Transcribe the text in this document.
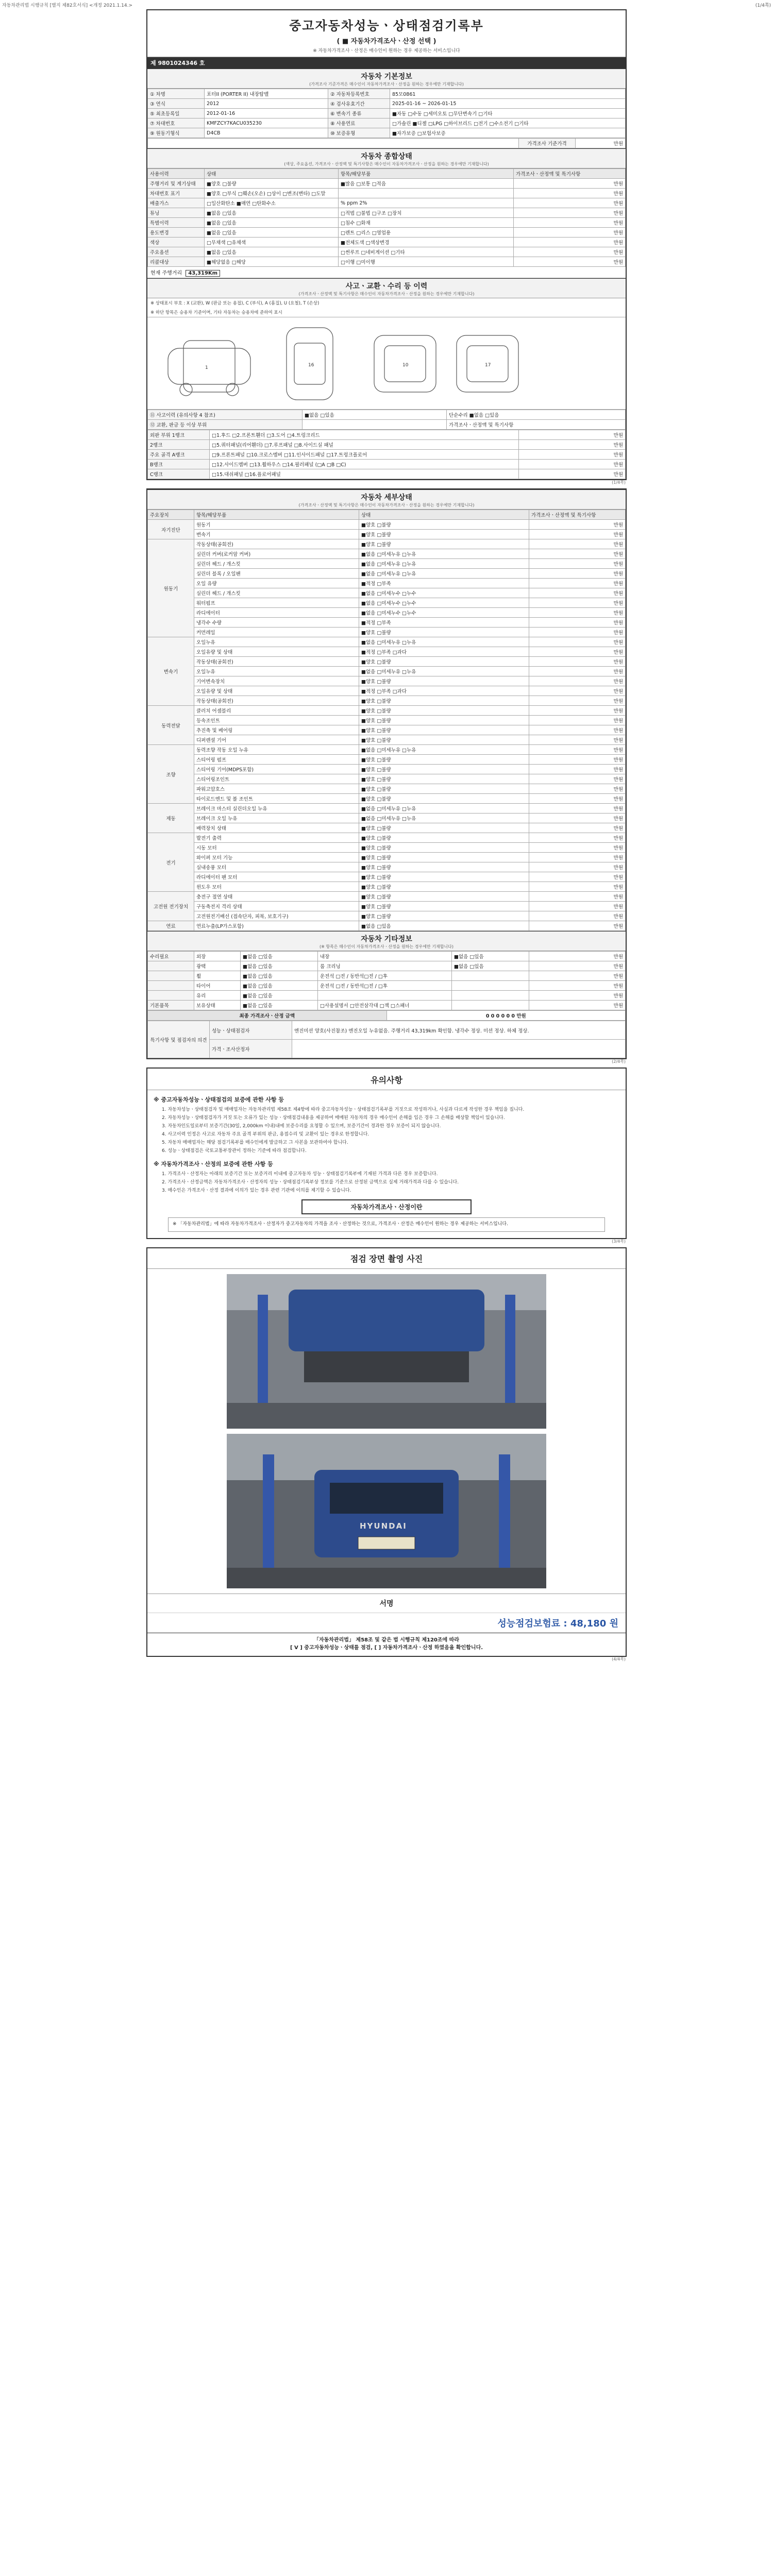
자동차관리법 시행규칙 [별지 제82호서식] <개정 2021.1.14.>	(1/4쪽)
중고자동차성능ㆍ상태점검기록부
( ■ 자동차가격조사ㆍ산정 선택 )
※ 자동차가격조사ㆍ산정은 매수인이 원하는 경우 제공하는 서비스입니다
제 9801024346 호
자동차 기본정보
(가격조사 기준가격은 매수인이 자동차가격조사ㆍ산정을 원하는 경우에만 기재합니다)
① 차명	포터II (PORTER II) 내장탑밸	② 자동차등록번호	85모0861
③ 연식	2012	④ 검사유효기간	2025-01-16 ~ 2026-01-15
⑤ 최초등록일	2012-01-16	⑥ 변속기 종류	■자동 □수동 □세미오토 □무단변속기 □기타
⑦ 차대번호	KMFZCY7KACU035230	⑧ 사용연료	□가솔린 ■디젤 □LPG □하이브리드 □전기 □수소전기 □기타
⑨ 원동기형식	D4CB	⑩ 보증유형	■자가보증 □보험사보증
	가격조사 기준가격	만원
자동차 종합상태
(색상, 주요옵션, 가격조사ㆍ산정액 및 특기사항은 매수인이 자동차가격조사ㆍ산정을 원하는 경우에만 기재합니다)
사용이력	상태	항목/해당부품	가격조사ㆍ산정액 및 특기사항
주행거리 및 계기상태	■양호 □불량	■많음 □보통 □적음	만원
차대번호 표기	■양호 □부식 □훼손(오손) □상이 □변조(변타) □도말		만원
배출가스	□일산화탄소 ■매연 □탄화수소	% ppm 2%	만원
튜닝	■없음 □있음	□적법 □불법 □구조 □장치	만원
특별이력	■없음 □있음	□침수 □화재	만원
용도변경	■없음 □있음	□렌트 □리스 □영업용	만원
색상	□무채색 □유채색	■전체도색 □색상변경	만원
주요옵션	■없음 □있음	□썬루프 □네비게이션 □기타	만원
리콜대상	■해당없음 □해당	□이행 □미이행	만원
현재 주행거리 43,319Km
사고ㆍ교환ㆍ수리 등 이력
(가격조사ㆍ산정액 및 특기사항은 매수인이 자동차가격조사ㆍ산정을 원하는 경우에만 기재합니다)
※ 상태표시 부호 : X (교환), W (판금 또는 용접), C (부식), A (흠집), U (요철), T (손상)
※ 하단 항목은 승용차 기준이며, 기타 자동차는 승용차에 준하여 표시
1	16	10	17
⑪ 사고이력 (유의사항 4 참조)	■없음 □있음	단순수리 ■없음 □있음
⑫ 교환, 판금 등 이상 부위		가격조사ㆍ산정액 및 특기사항
외판 부위 1랭크	□1.후드 □2.프론트휀더 □3.도어 □4.트렁크리드	만원
2랭크	□5.쿼터패널(리어휀더) □7.루프패널 □8.사이드실 패널	만원
주요 골격 A랭크	□9.프론트패널 □10.크로스멤버 □11.인사이드패널 □17.트렁크플로어	만원
B랭크	□12.사이드멤버 □13.휠하우스 □14.필러패널 (□A □B □C)	만원
C랭크	□15.대쉬패널 □16.플로어패널	만원
(1/4쪽)
자동차 세부상태
(가격조사ㆍ산정액 및 특기사항은 매수인이 자동차가격조사ㆍ산정을 원하는 경우에만 기재합니다)
주요장치	항목/해당부품	상태	가격조사ㆍ산정액 및 특기사항
자기진단	원동기	■양호 □불량	만원
	변속기	■양호 □불량	만원
원동기	작동상태(공회전)	■양호 □불량	만원
	실린더 커버(로커암 커버)	■없음 □미세누유 □누유	만원
	실린더 헤드 / 개스킷	■없음 □미세누유 □누유	만원
	실린더 블록 / 오일팬	■없음 □미세누유 □누유	만원
	오일 유량	■적정 □부족	만원
	실린더 헤드 / 개스킷	■없음 □미세누수 □누수	만원
	워터펌프	■없음 □미세누수 □누수	만원
	라디에이터	■없음 □미세누수 □누수	만원
	냉각수 수량	■적정 □부족	만원
	커먼레일	■양호 □불량	만원
변속기	오일누유	■없음 □미세누유 □누유	만원
	오일유량 및 상태	■적정 □부족 □과다	만원
	작동상태(공회전)	■양호 □불량	만원
	오일누유	■없음 □미세누유 □누유	만원
	기어변속장치	■양호 □불량	만원
	오일유량 및 상태	■적정 □부족 □과다	만원
	작동상태(공회전)	■양호 □불량	만원
동력전달	클러치 어셈블리	■양호 □불량	만원
	등속조인트	■양호 □불량	만원
	추진축 및 베어링	■양호 □불량	만원
	디퍼렌셜 기어	■양호 □불량	만원
조향	동력조향 작동 오일 누유	■없음 □미세누유 □누유	만원
	스티어링 펌프	■양호 □불량	만원
	스티어링 기어(MDPS포함)	■양호 □불량	만원
	스티어링조인트	■양호 □불량	만원
	파워고압호스	■양호 □불량	만원
	타이로드엔드 및 볼 조인트	■양호 □불량	만원
제동	브레이크 마스터 실린더오일 누유	■없음 □미세누유 □누유	만원
	브레이크 오일 누유	■없음 □미세누유 □누유	만원
	배력장치 상태	■양호 □불량	만원
전기	발전기 출력	■양호 □불량	만원
	시동 모터	■양호 □불량	만원
	와이퍼 모터 기능	■양호 □불량	만원
	실내송풍 모터	■양호 □불량	만원
	라디에이터 팬 모터	■양호 □불량	만원
	윈도우 모터	■양호 □불량	만원
고전원 전기장치	충전구 절연 상태	■양호 □불량	만원
	구동축전지 격리 상태	■양호 □불량	만원
	고전원전기배선 (접속단자, 피복, 보호기구)	■양호 □불량	만원
연료	연료누출(LP가스포함)	■없음 □있음	만원
자동차 기타정보
(※ 항목은 매수인이 자동차가격조사ㆍ산정을 원하는 경우에만 기재합니다)
수리필요	외장	■없음 □있음	내장	■없음 □있음	만원
	광택	■없음 □있음	룸 크리닝	■없음 □있음	만원
	휠	■없음 □있음	운전석 □전 / 동반석□전 / □후		만원
	타이어	■없음 □있음	운전석 □전 / 동반석□전 / □후		만원
	유리	■없음 □있음			만원
기본품목	보유상태	■없음 □있음	□사용설명서 □안전삼각대 □잭 □스패너		만원
최종 가격조사ㆍ산정 금액	0 0 0 0 0 0 만원
특기사항 및 점검자의 의견	성능ㆍ상태점검자	엔진미션 양호(사진참조) 엔진오일 누유없음. 주행거리 43,319km 확인함. 냉각수 정상. 미션 정상. 하체 정상.
	가격ㆍ조사산정자	
(2/4쪽)
유의사항
※ 중고자동차성능ㆍ상태점검의 보증에 관한 사항 등
1. 자동차성능ㆍ상태점검자 및 매매업자는 자동차관리법 제58조 제4항에 따라 중고자동차성능ㆍ상태점검기록부를 거짓으로 작성하거나, 사실과 다르게 작성한 경우 책임을 집니다.
2. 자동차성능ㆍ상태점검자가 거짓 또는 오류가 있는 성능ㆍ상태점검내용을 제공하여 매매된 자동차의 경우 매수인이 손해를 입은 경우 그 손해를 배상할 책임이 있습니다.
3. 자동차인도일로부터 보증기간(30일, 2,000km 이내)내에 보증수리를 요청할 수 있으며, 보증기간이 경과한 경우 보증이 되지 않습니다.
4. 사고이력 인정은 사고로 자동차 주요 골격 부위의 판금, 용접수리 및 교환이 있는 경우로 한정합니다.
5. 자동차 매매업자는 해당 점검기록부를 매수인에게 발급하고 그 사본을 보관하여야 합니다.
6. 성능ㆍ상태점검은 국토교통부장관이 정하는 기준에 따라 점검합니다.
※ 자동차가격조사ㆍ산정의 보증에 관한 사항 등
1. 가격조사ㆍ산정자는 아래의 보증기간 또는 보증거리 이내에 중고자동차 성능ㆍ상태점검기록부에 기재된 가격과 다른 경우 보증합니다.
2. 가격조사ㆍ산정금액은 자동차가격조사ㆍ산정자의 성능ㆍ상태점검기록부상 정보를 기준으로 산정된 금액으로 실제 거래가격과 다를 수 있습니다.
3. 매수인은 가격조사ㆍ산정 결과에 이의가 있는 경우 관련 기관에 이의를 제기할 수 있습니다.
자동차가격조사ㆍ산정이란
※ 「자동차관리법」에 따라 자동차가격조사ㆍ산정자가 중고자동차의 가격을 조사ㆍ산정하는 것으로, 가격조사ㆍ산정은 매수인이 원하는 경우 제공하는 서비스입니다.
(3/4쪽)
점검 장면 촬영 사진
HYUNDAI
서명
성능점검보험료 : 48,180 원
「자동차관리법」 제58조 및 같은 법 시행규칙 제120조에 따라
[ V ] 중고자동차성능ㆍ상태를 점검, [ ] 자동차가격조사ㆍ산정 하였음을 확인합니다.
(4/4쪽)
